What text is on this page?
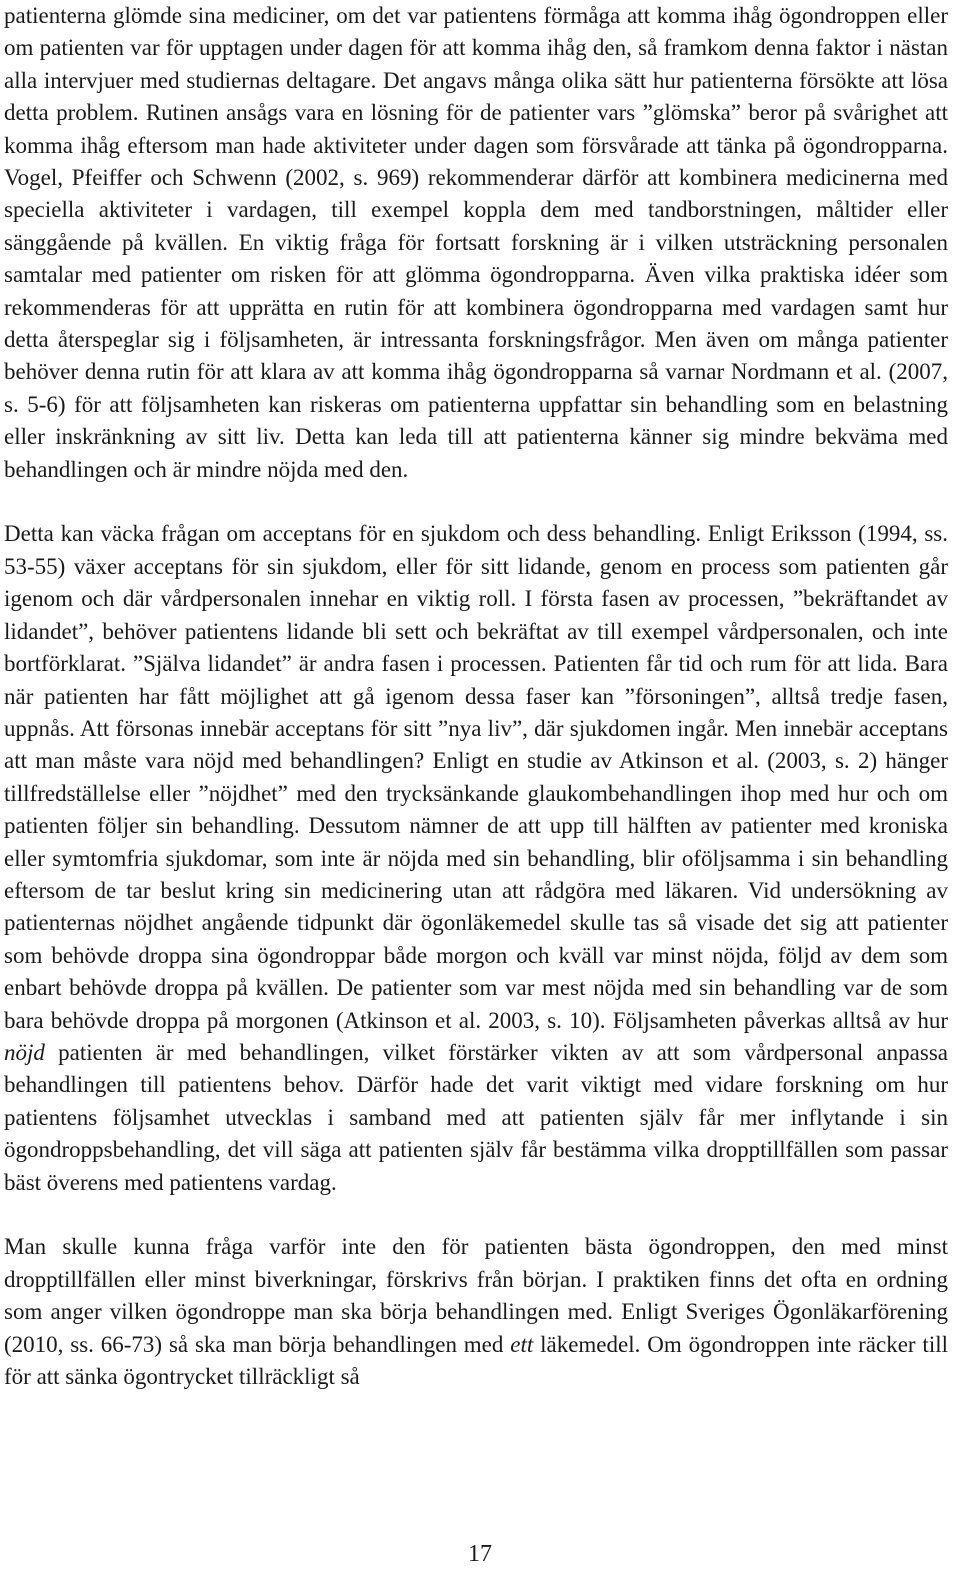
patienterna glömde sina mediciner, om det var patientens förmåga att komma ihåg ögondroppen eller om patienten var för upptagen under dagen för att komma ihåg den, så framkom denna faktor i nästan alla intervjuer med studiernas deltagare. Det angavs många olika sätt hur patienterna försökte att lösa detta problem. Rutinen ansågs vara en lösning för de patienter vars ”glömska” beror på svårighet att komma ihåg eftersom man hade aktiviteter under dagen som försvårade att tänka på ögondropparna. Vogel, Pfeiffer och Schwenn (2002, s. 969) rekommenderar därför att kombinera medicinerna med speciella aktiviteter i vardagen, till exempel koppla dem med tandborstningen, måltider eller sänggående på kvällen. En viktig fråga för fortsatt forskning är i vilken utsträckning personalen samtalar med patienter om risken för att glömma ögondropparna. Även vilka praktiska idéer som rekommenderas för att upprätta en rutin för att kombinera ögondropparna med vardagen samt hur detta återspeglar sig i följsamheten, är intressanta forskningsfrågor. Men även om många patienter behöver denna rutin för att klara av att komma ihåg ögondropparna så varnar Nordmann et al. (2007, s. 5-6) för att följsamheten kan riskeras om patienterna uppfattar sin behandling som en belastning eller inskränkning av sitt liv. Detta kan leda till att patienterna känner sig mindre bekväma med behandlingen och är mindre nöjda med den.

Detta kan väcka frågan om acceptans för en sjukdom och dess behandling. Enligt Eriksson (1994, ss. 53-55) växer acceptans för sin sjukdom, eller för sitt lidande, genom en process som patienten går igenom och där vårdpersonalen innehar en viktig roll. I första fasen av processen, ”bekräftandet av lidandet”, behöver patientens lidande bli sett och bekräftat av till exempel vårdpersonalen, och inte bortförklarat. ”Själva lidandet” är andra fasen i processen. Patienten får tid och rum för att lida. Bara när patienten har fått möjlighet att gå igenom dessa faser kan ”försoningen”, alltså tredje fasen, uppnås. Att försonas innebär acceptans för sitt ”nya liv”, där sjukdomen ingår. Men innebär acceptans att man måste vara nöjd med behandlingen? Enligt en studie av Atkinson et al. (2003, s. 2) hänger tillfredställelse eller ”nöjdhet” med den trycksänkande glaukombehandlingen ihop med hur och om patienten följer sin behandling. Dessutom nämner de att upp till hälften av patienter med kroniska eller symtomfria sjukdomar, som inte är nöjda med sin behandling, blir oföljsamma i sin behandling eftersom de tar beslut kring sin medicinering utan att rådgöra med läkaren. Vid undersökning av patienternas nöjdhet angående tidpunkt där ögonläkemedel skulle tas så visade det sig att patienter som behövde droppa sina ögondroppar både morgon och kväll var minst nöjda, följd av dem som enbart behövde droppa på kvällen. De patienter som var mest nöjda med sin behandling var de som bara behövde droppa på morgonen (Atkinson et al. 2003, s. 10). Följsamheten påverkas alltså av hur nöjd patienten är med behandlingen, vilket förstärker vikten av att som vårdpersonal anpassa behandlingen till patientens behov. Därför hade det varit viktigt med vidare forskning om hur patientens följsamhet utvecklas i samband med att patienten själv får mer inflytande i sin ögondroppsbehandling, det vill säga att patienten själv får bestämma vilka dropptillfällen som passar bäst överens med patientens vardag.

Man skulle kunna fråga varför inte den för patienten bästa ögondroppen, den med minst dropptillfällen eller minst biverkningar, förskrivs från början. I praktiken finns det ofta en ordning som anger vilken ögondroppe man ska börja behandlingen med. Enligt Sveriges Ögonläkarförening (2010, ss. 66-73) så ska man börja behandlingen med ett läkemedel. Om ögondroppen inte räcker till för att sänka ögontrycket tillräckligt så

17
